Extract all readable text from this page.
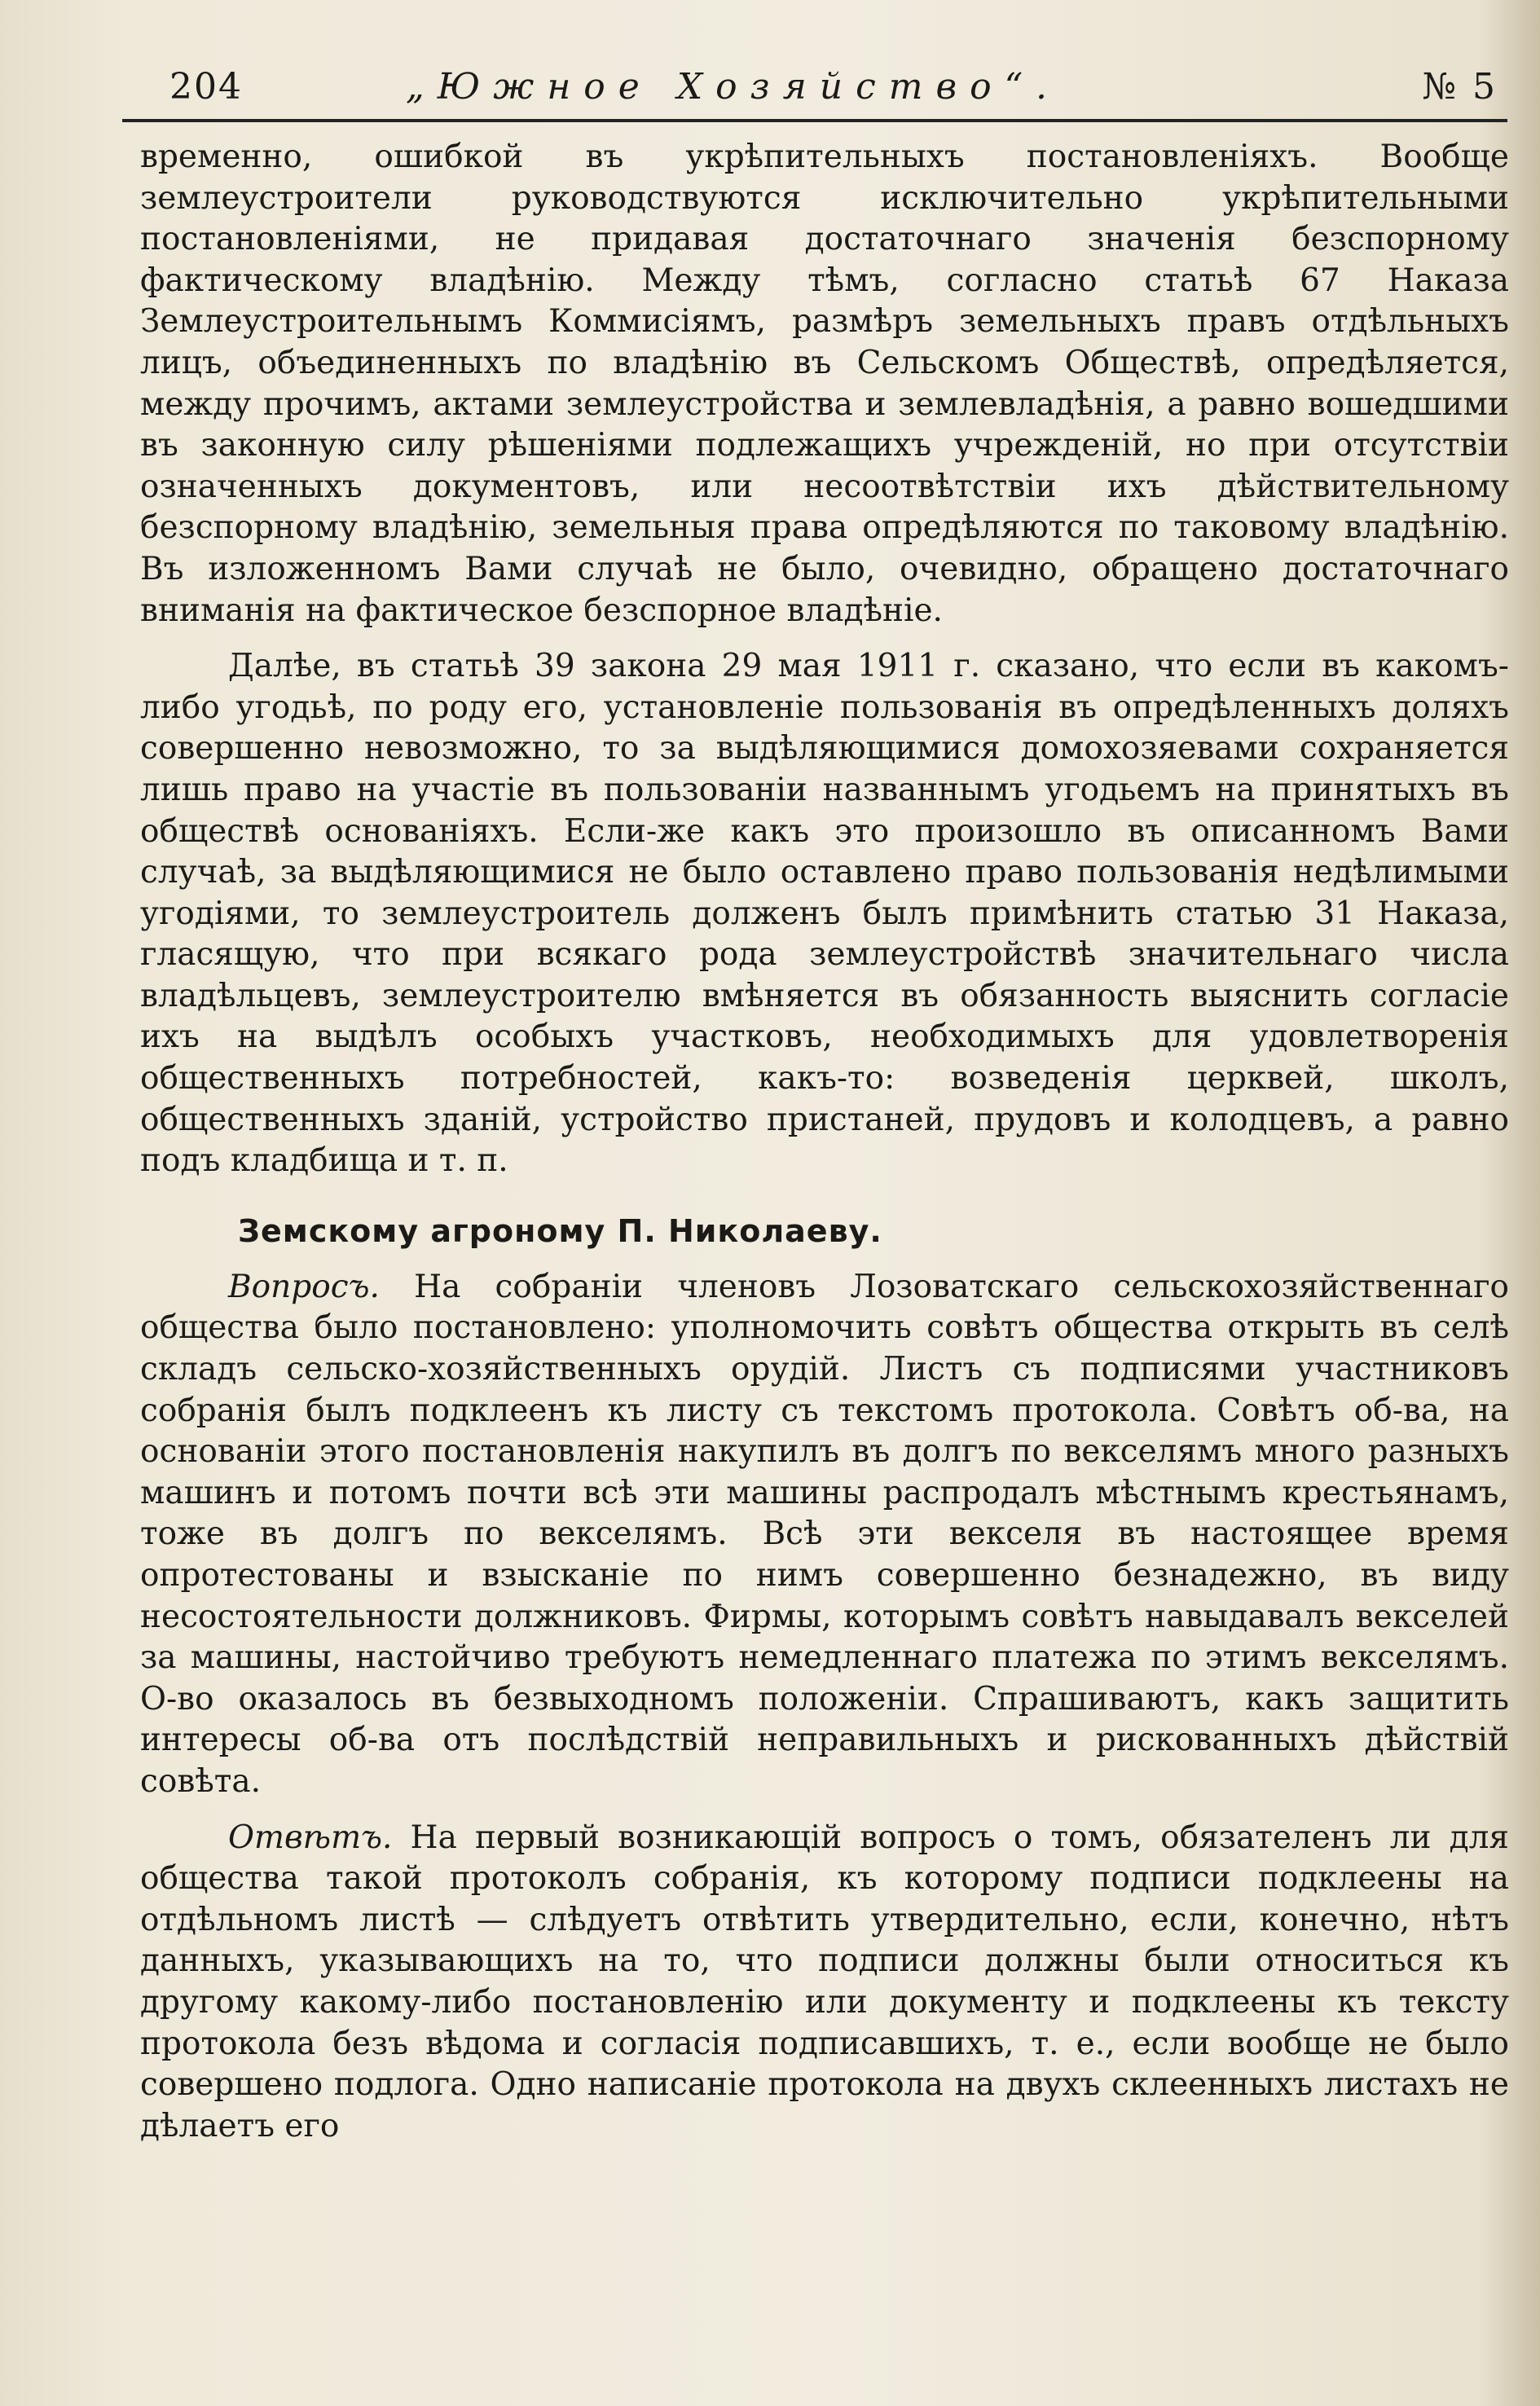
204	„Южное Хозяйство“.	№ 5

временно, ошибкой въ укрѣпительныхъ постановленiяхъ. Вообще землеустроители руководствуются исключительно укрѣпительными постановленiями, не придавая достаточнаго значенiя безспорному фактическому владѣнiю. Между тѣмъ, согласно статьѣ 67 Наказа Землеустроительнымъ Коммисiямъ, размѣръ земельныхъ правъ отдѣльныхъ лицъ, объединенныхъ по владѣнiю въ Сельскомъ Обществѣ, опредѣляется, между прочимъ, актами землеустройства и землевладѣнiя, а равно вошедшими въ законную силу рѣшенiями подлежащихъ учрежденiй, но при отсутствiи означенныхъ документовъ, или несоотвѣтствiи ихъ дѣйствительному безспорному владѣнiю, земельныя права опредѣляются по таковому владѣнiю. Въ изложенномъ Вами случаѣ не было, очевидно, обращено достаточнаго вниманiя на фактическое безспорное владѣнiе.

Далѣе, въ статьѣ 39 закона 29 мая 1911 г. сказано, что если въ какомъ-либо угодьѣ, по роду его, установленiе пользованiя въ опредѣленныхъ доляхъ совершенно невозможно, то за выдѣляющимися домохозяевами сохраняется лишь право на участiе въ пользованiи названнымъ угодьемъ на принятыхъ въ обществѣ основанiяхъ. Если-же какъ это произошло въ описанномъ Вами случаѣ, за выдѣляющимися не было оставлено право пользованiя недѣлимыми угодiями, то землеустроитель долженъ былъ примѣнить статью 31 Наказа, гласящую, что при всякаго рода землеустройствѣ значительнаго числа владѣльцевъ, землеустроителю вмѣняется въ обязанность выяснить согласiе ихъ на выдѣлъ особыхъ участковъ, необходимыхъ для удовлетворенiя общественныхъ потребностей, какъ-то: возведенiя церквей, школъ, общественныхъ зданiй, устройство пристаней, прудовъ и колодцевъ, а равно подъ кладбища и т. п.

Земскому агроному П. Николаеву.

Вопросъ. На собранiи членовъ Лозоватскаго сельскохозяйственнаго общества было постановлено: уполномочить совѣтъ общества открыть въ селѣ складъ сельско-хозяйственныхъ орудiй. Листъ съ подписями участниковъ собранiя былъ подклеенъ къ листу съ текстомъ протокола. Совѣтъ об-ва, на основанiи этого постановленiя накупилъ въ долгъ по векселямъ много разныхъ машинъ и потомъ почти всѣ эти машины распродалъ мѣстнымъ крестьянамъ, тоже въ долгъ по векселямъ. Всѣ эти векселя въ настоящее время опротестованы и взысканiе по нимъ совершенно безнадежно, въ виду несостоятельности должниковъ. Фирмы, которымъ совѣтъ навыдавалъ векселей за машины, настойчиво требуютъ немедленнаго платежа по этимъ векселямъ. О-во оказалось въ безвыходномъ положенiи. Спрашиваютъ, какъ защитить интересы об-ва отъ послѣдствiй неправильныхъ и рискованныхъ дѣйствiй совѣта.

Отвѣтъ. На первый возникающiй вопросъ о томъ, обязателенъ ли для общества такой протоколъ собранiя, къ которому подписи подклеены на отдѣльномъ листѣ — слѣдуетъ отвѣтить утвердительно, если, конечно, нѣтъ данныхъ, указывающихъ на то, что подписи должны были относиться къ другому какому-либо постановленiю или документу и подклеены къ тексту протокола безъ вѣдома и согласiя подписавшихъ, т. е., если вообще не было совершено подлога. Одно написанiе протокола на двухъ склеенныхъ листахъ не дѣлаетъ его
